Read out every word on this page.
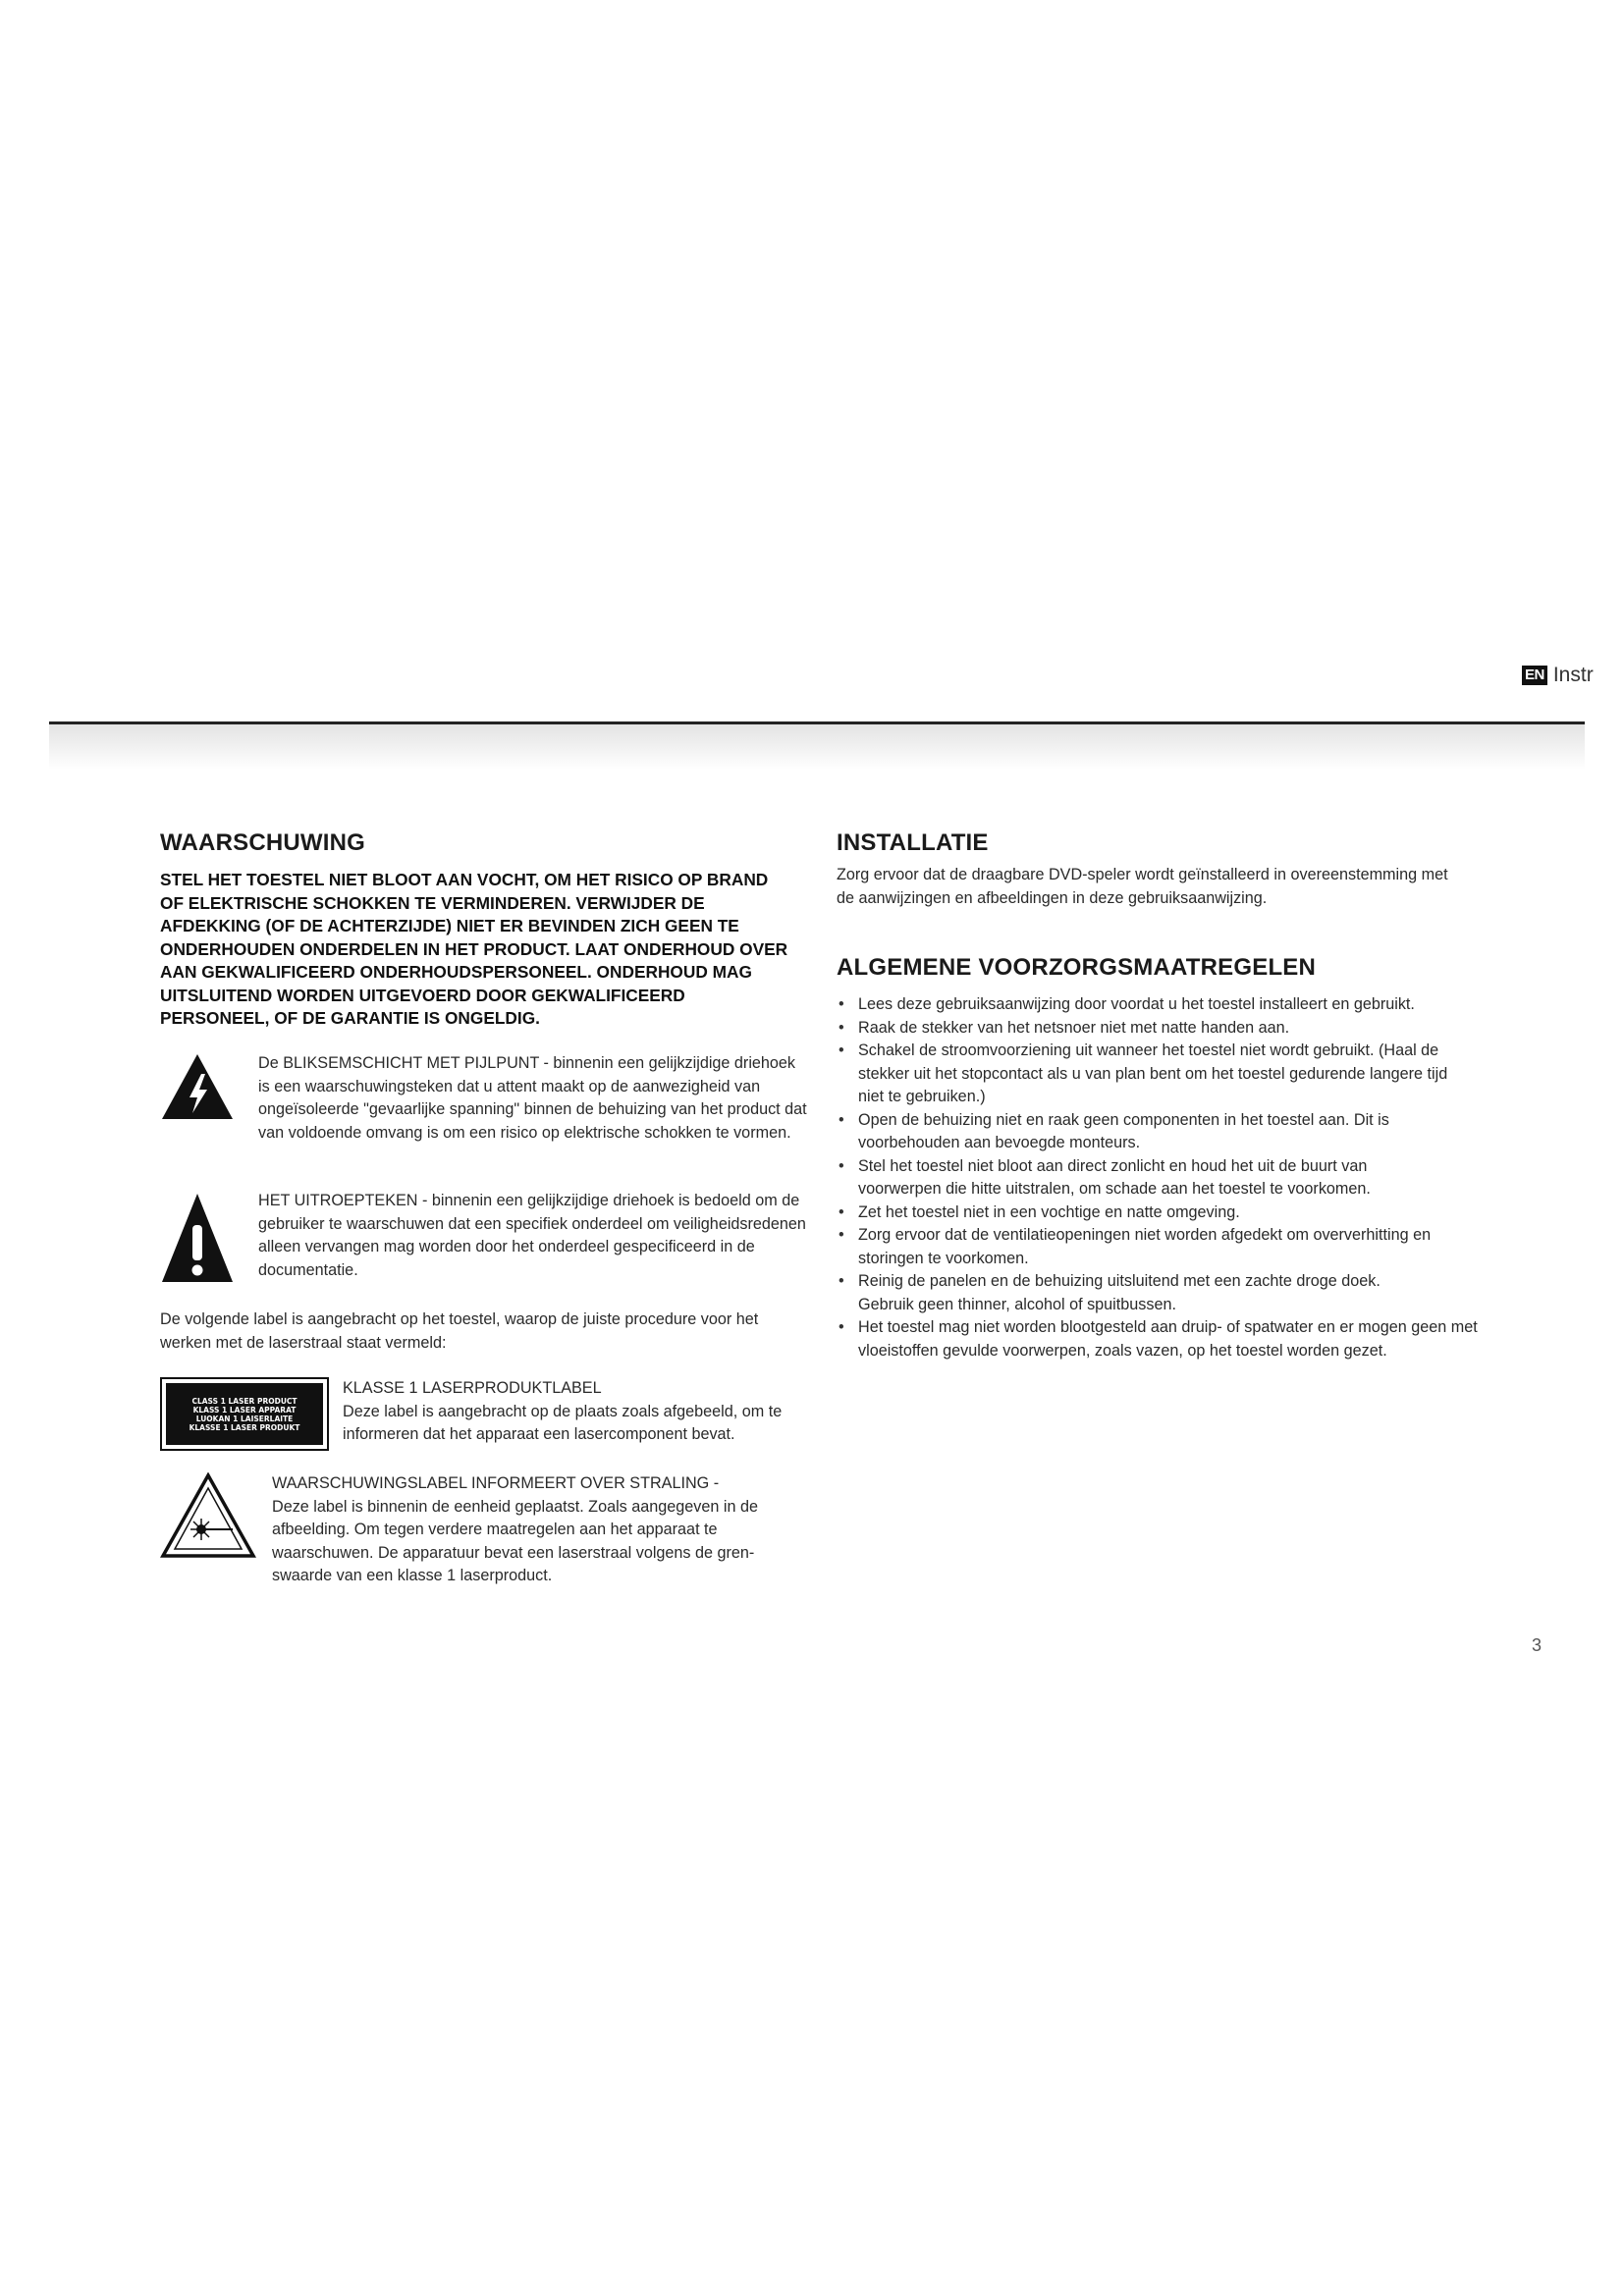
EN Instr
WAARSCHUWING
STEL HET TOESTEL NIET BLOOT AAN VOCHT, OM HET RISICO OP BRAND OF ELEKTRISCHE SCHOKKEN TE VERMINDEREN. VERWIJDER DE AFDEKKING (OF DE ACHTERZIJDE) NIET ER BEVINDEN ZICH GEEN TE ONDERHOUDEN ONDERDELEN IN HET PRODUCT. LAAT ONDERHOUD OVER AAN GEKWALIFICEERD ONDERHOUDSPERSONEEL. ONDERHOUD MAG UITSLUITEND WORDEN UITGEVOERD DOOR GEKWALIFICEERD PERSONEEL, OF DE GARANTIE IS ONGELDIG.
De BLIKSEMSCHICHT MET PIJLPUNT - binnenin een gelijkzijdige driehoek is een waarschuwingsteken dat u attent maakt op de aanwezigheid van ongeïsoleerde "gevaarlijke spanning" binnen de behuizing van het product dat van voldoende omvang is om een risico op elektrische schokken te vormen.
HET UITROEPTEKEN - binnenin een gelijkzijdige driehoek is bedoeld om de gebruiker te waarschuwen dat een specifiek onderdeel om veiligheidsredenen alleen vervangen mag worden door het onderdeel gespecificeerd in de documentatie.
De volgende label is aangebracht op het toestel, waarop de juiste procedure voor het werken met de laserstraal staat vermeld:
CLASS 1 LASER PRODUCT
KLASS 1 LASER APPARAT
LUOKAN 1 LAISERLAITE
KLASSE 1 LASER PRODUKT
KLASSE 1 LASERPRODUKTLABEL
Deze label is aangebracht op de plaats zoals afgebeeld, om te informeren dat het apparaat een lasercomponent bevat.
WAARSCHUWINGSLABEL INFORMEERT OVER STRALING -
Deze label is binnenin de eenheid geplaatst. Zoals aangegeven in de afbeelding. Om tegen verdere maatregelen aan het apparaat te waarschuwen. De apparatuur bevat een laserstraal volgens de gren-swaarde van een klasse 1 laserproduct.
INSTALLATIE
Zorg ervoor dat de draagbare DVD-speler wordt geïnstalleerd in overeenstemming met de aanwijzingen en afbeeldingen in deze gebruiksaanwijzing.
ALGEMENE VOORZORGSMAATREGELEN
• Lees deze gebruiksaanwijzing door voordat u het toestel installeert en gebruikt.
• Raak de stekker van het netsnoer niet met natte handen aan.
• Schakel de stroomvoorziening uit wanneer het toestel niet wordt gebruikt. (Haal de stekker uit het stopcontact als u van plan bent om het toestel gedurende langere tijd niet te gebruiken.)
• Open de behuizing niet en raak geen componenten in het toestel aan. Dit is voorbehouden aan bevoegde monteurs.
• Stel het toestel niet bloot aan direct zonlicht en houd het uit de buurt van voorwerpen die hitte uitstralen, om schade aan het toestel te voorkomen.
• Zet het toestel niet in een vochtige en natte omgeving.
• Zorg ervoor dat de ventilatieopeningen niet worden afgedekt om oververhitting en storingen te voorkomen.
• Reinig de panelen en de behuizing uitsluitend met een zachte droge doek. Gebruik geen thinner, alcohol of spuitbussen.
• Het toestel mag niet worden blootgesteld aan druip- of spatwater en er mogen geen met vloeistoffen gevulde voorwerpen, zoals vazen, op het toestel worden gezet.
3
